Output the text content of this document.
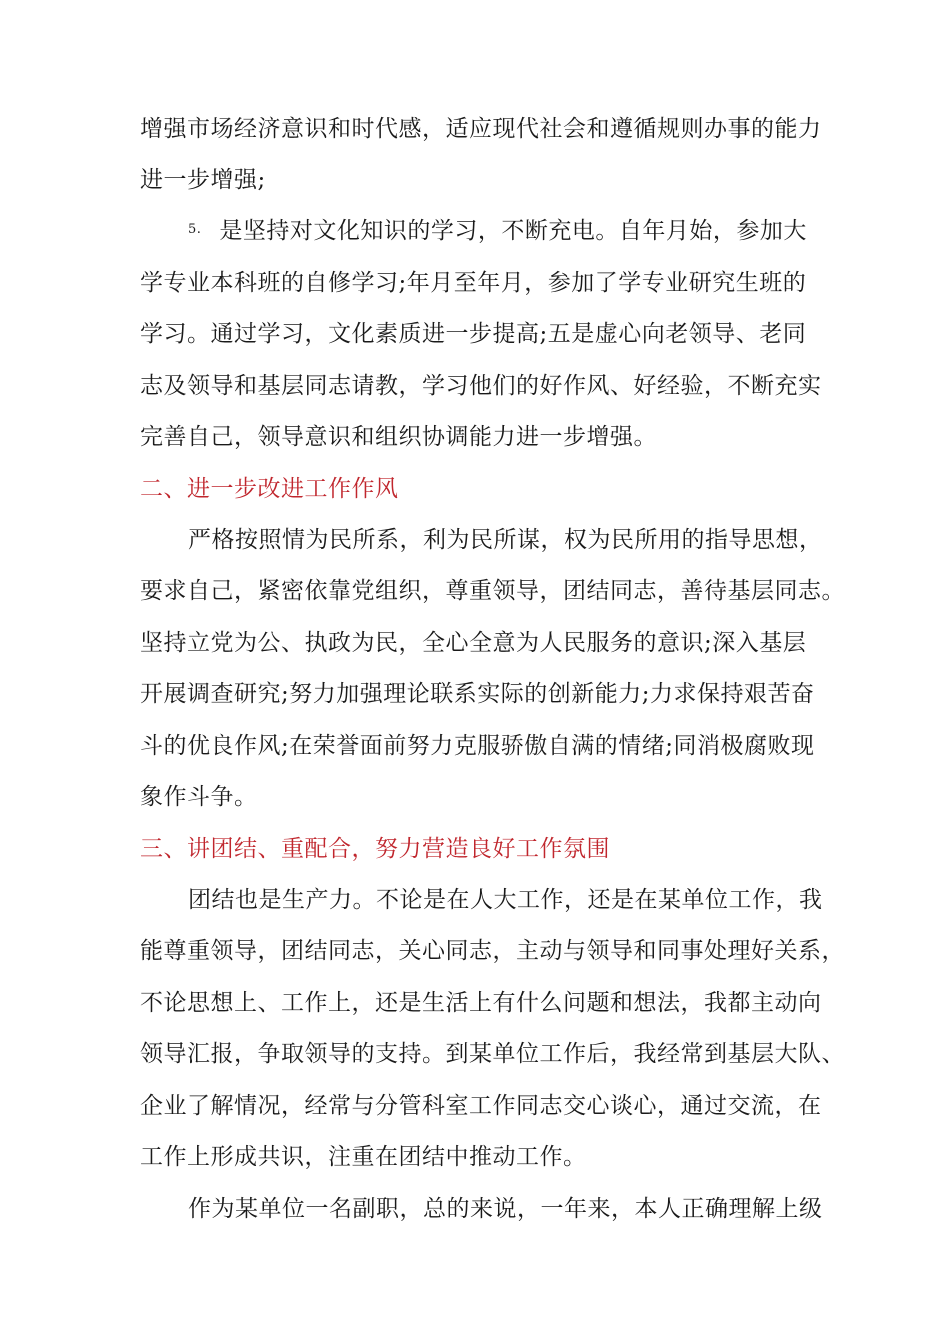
增强市场经济意识和时代感，适应现代社会和遵循规则办事的能力
进一步增强;
5. 是坚持对文化知识的学习，不断充电。自年月始，参加大
学专业本科班的自修学习;年月至年月，参加了学专业研究生班的
学习。通过学习，文化素质进一步提高;五是虚心向老领导、老同
志及领导和基层同志请教，学习他们的好作风、好经验，不断充实
完善自己，领导意识和组织协调能力进一步增强。
二、进一步改进工作作风
严格按照情为民所系，利为民所谋，权为民所用的指导思想，
要求自己，紧密依靠党组织，尊重领导，团结同志，善待基层同志。
坚持立党为公、执政为民，全心全意为人民服务的意识;深入基层
开展调查研究;努力加强理论联系实际的创新能力;力求保持艰苦奋
斗的优良作风;在荣誉面前努力克服骄傲自满的情绪;同消极腐败现
象作斗争。
三、讲团结、重配合，努力营造良好工作氛围
团结也是生产力。不论是在人大工作，还是在某单位工作，我
能尊重领导，团结同志，关心同志，主动与领导和同事处理好关系，
不论思想上、工作上，还是生活上有什么问题和想法，我都主动向
领导汇报，争取领导的支持。到某单位工作后，我经常到基层大队、
企业了解情况，经常与分管科室工作同志交心谈心，通过交流，在
工作上形成共识，注重在团结中推动工作。
作为某单位一名副职，总的来说，一年来，本人正确理解上级
